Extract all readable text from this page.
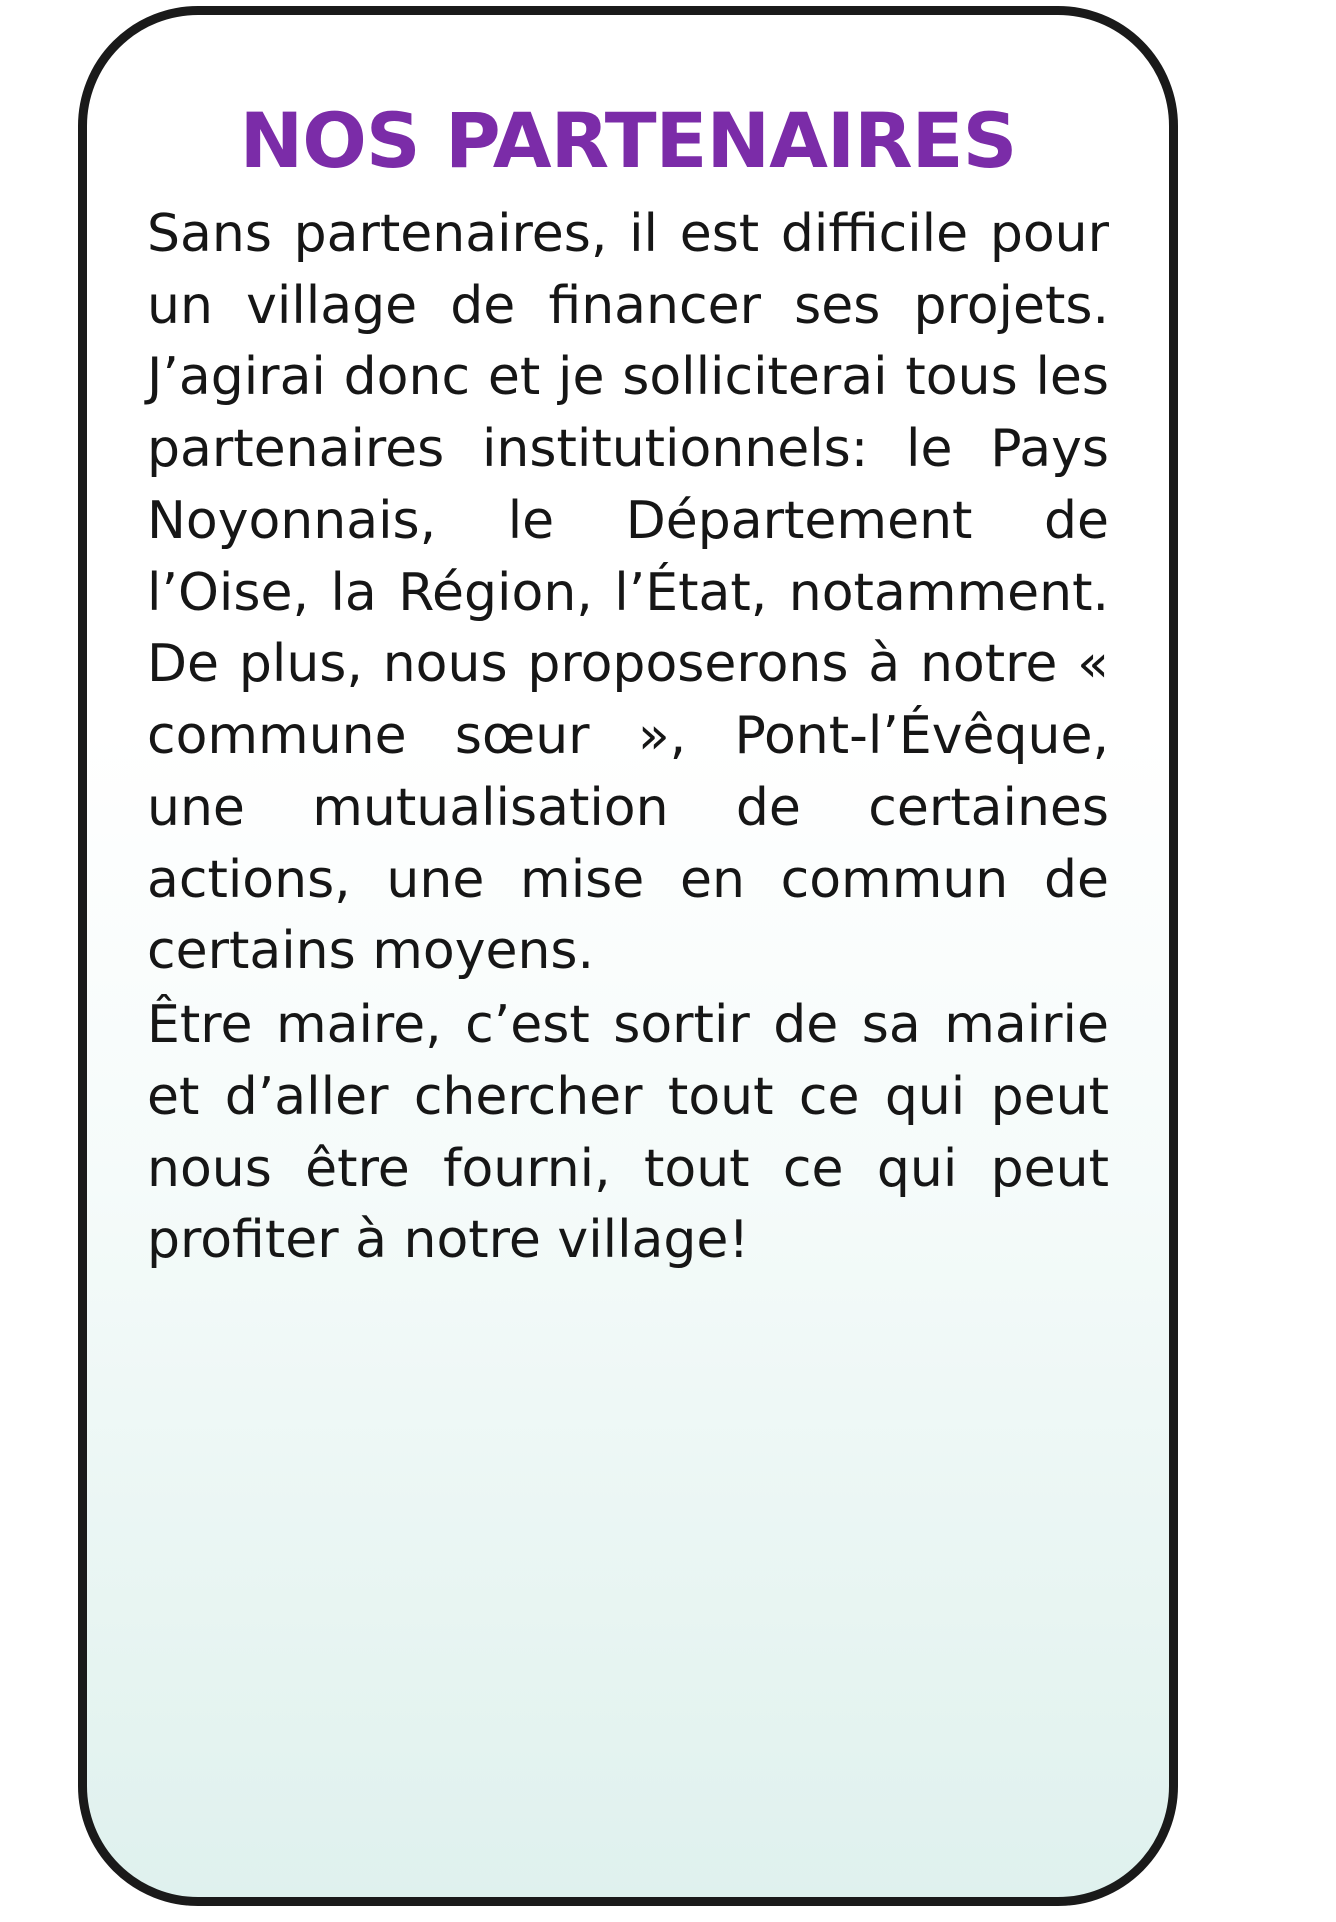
NOS PARTENAIRES

Sans partenaires, il est difficile pour un village de financer ses projets. J’agirai donc et je solliciterai tous les partenaires institutionnels: le Pays Noyonnais, le Département de l’Oise, la Région, l’État, notamment. De plus, nous proposerons à notre « commune sœur », Pont-l’Évêque, une mutualisation de certaines actions, une mise en commun de certains moyens.

Être maire, c’est sortir de sa mairie et d’aller chercher tout ce qui peut nous être fourni, tout ce qui peut profiter à notre village!
